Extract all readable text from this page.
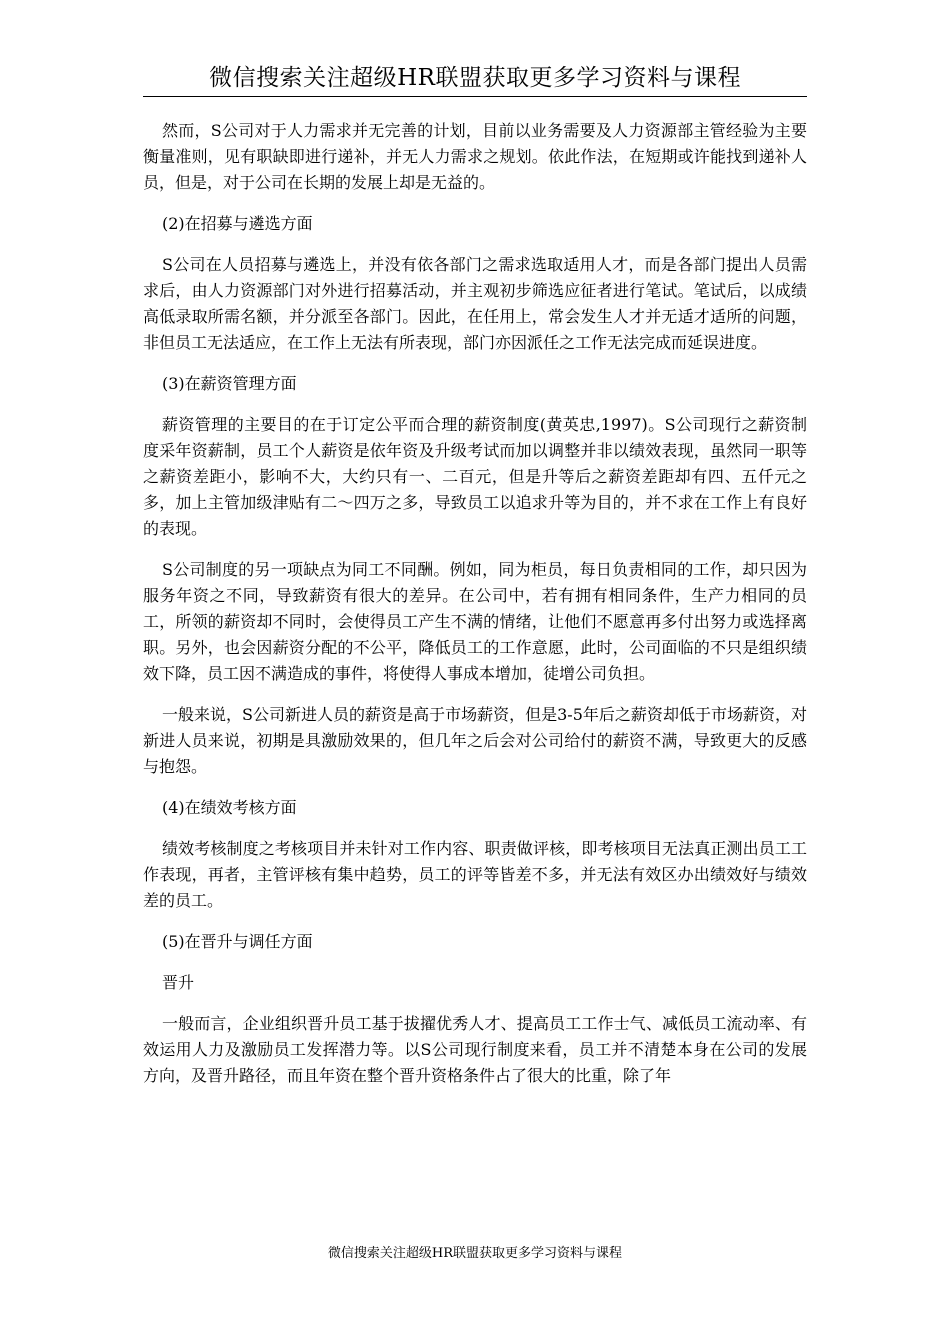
微信搜索关注超级HR联盟获取更多学习资料与课程

然而，S公司对于人力需求并无完善的计划，目前以业务需要及人力资源部主管经验为主要衡量准则，见有职缺即进行递补，并无人力需求之规划。依此作法，在短期或许能找到递补人员，但是，对于公司在长期的发展上却是无益的。

(2)在招募与遴选方面

S公司在人员招募与遴选上，并没有依各部门之需求选取适用人才，而是各部门提出人员需求后，由人力资源部门对外进行招募活动，并主观初步筛选应征者进行笔试。笔试后，以成绩高低录取所需名额，并分派至各部门。因此，在任用上，常会发生人才并无适才适所的问题，非但员工无法适应，在工作上无法有所表现，部门亦因派任之工作无法完成而延误进度。

(3)在薪资管理方面

薪资管理的主要目的在于订定公平而合理的薪资制度(黄英忠,1997)。S公司现行之薪资制度采年资薪制，员工个人薪资是依年资及升级考试而加以调整并非以绩效表现，虽然同一职等之薪资差距小，影响不大，大约只有一、二百元，但是升等后之薪资差距却有四、五仟元之多，加上主管加级津贴有二～四万之多，导致员工以追求升等为目的，并不求在工作上有良好的表现。

S公司制度的另一项缺点为同工不同酬。例如，同为柜员，每日负责相同的工作，却只因为服务年资之不同，导致薪资有很大的差异。在公司中，若有拥有相同条件，生产力相同的员工，所领的薪资却不同时，会使得员工产生不满的情绪，让他们不愿意再多付出努力或选择离职。另外，也会因薪资分配的不公平，降低员工的工作意愿，此时，公司面临的不只是组织绩效下降，员工因不满造成的事件，将使得人事成本增加，徒增公司负担。

一般来说，S公司新进人员的薪资是高于市场薪资，但是3-5年后之薪资却低于市场薪资，对新进人员来说，初期是具激励效果的，但几年之后会对公司给付的薪资不满，导致更大的反感与抱怨。

(4)在绩效考核方面

绩效考核制度之考核项目并未针对工作内容、职责做评核，即考核项目无法真正测出员工工作表现，再者，主管评核有集中趋势，员工的评等皆差不多，并无法有效区办出绩效好与绩效差的员工。

(5)在晋升与调任方面

晋升

一般而言，企业组织晋升员工基于拔擢优秀人才、提高员工工作士气、减低员工流动率、有效运用人力及激励员工发挥潜力等。以S公司现行制度来看，员工并不清楚本身在公司的发展方向，及晋升路径，而且年资在整个晋升资格条件占了很大的比重，除了年

微信搜索关注超级HR联盟获取更多学习资料与课程
